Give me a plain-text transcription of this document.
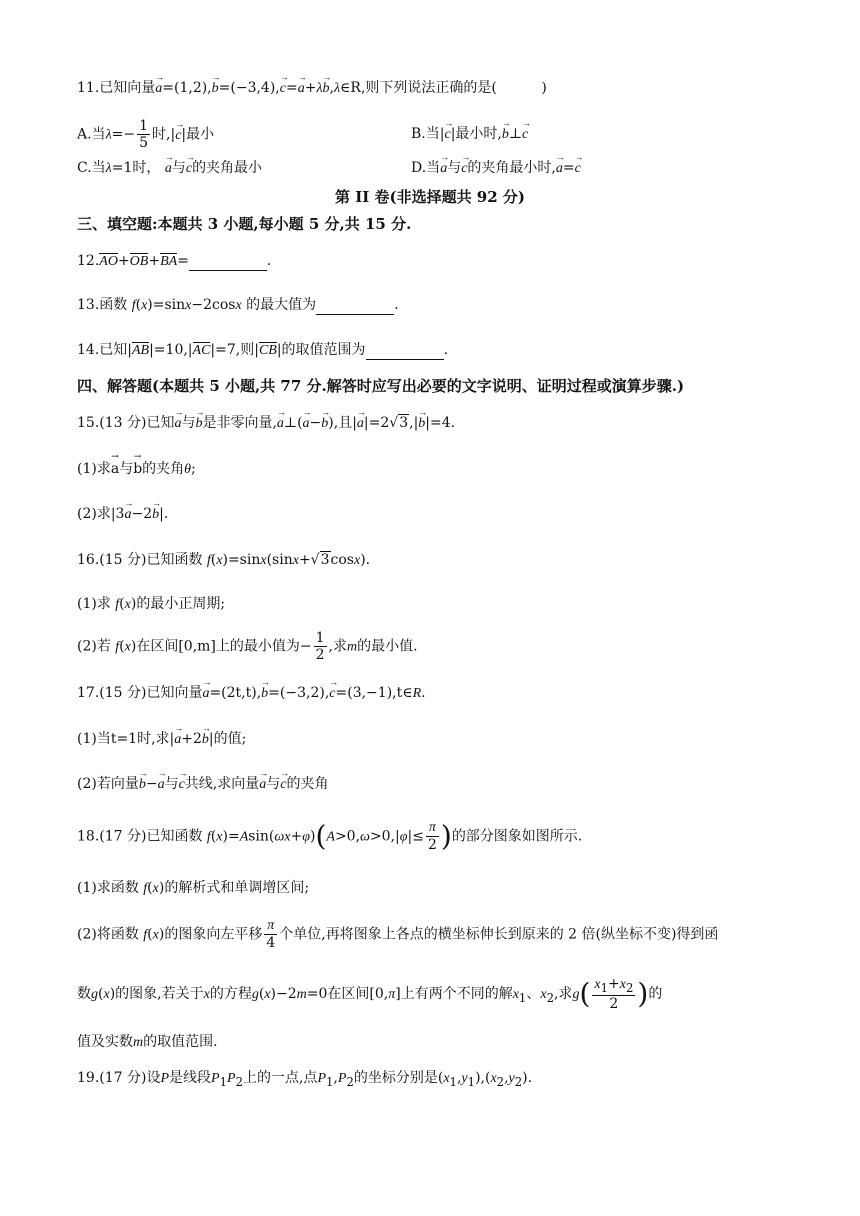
11.已知向量→ a=(1,2),→ b=(−3,4),→ c=→ a+λ→ b,λ∈R,则下列说法正确的是(          )
A.当$\lambda=- \frac{1}{5}$ 时,|→ c|最小	B.当|→ c|最小时,→ b⊥→ c
C.当λ=1时， → a与→ c的夹角最小	D.当→ a与→ c的夹角最小时,→ a=→ c
第 II 卷(非选择题共 92 分)
三、填空题:本题共 3 小题,每小题 5 分,共 15 分.
12.AO+OB+BA=	.
13.函数 f(x)=sinx−2cosx 的最大值为	.
14.已知|AB|=10,|AC|=7,则|CB|的取值范围为	.
四、解答题(本题共 5 小题,共 77 分.解答时应写出必要的文字说明、证明过程或演算步骤.)
15.(13 分)已知→ a与→ b是非零向量,→ a⊥(→ a−→ b),且|→ a|=2√3,|→ b|=4.
(1)求→ a与→ b的夹角θ;
(2)求|3→ a−2→ b|.
16.(15 分)已知函数 f(x)=sinx(sinx+√3cosx).
(1)求 f(x)的最小正周期;
(2)若 f(x)在区间[0,m]上的最小值为− $\frac{1}{2}$ ,求m的最小值.
17.(15 分)已知向量→ a=(2t,t),→ b=(−3,2),→ c=(3,−1),t∈R.
(1)当t=1时,求|→ a+2→ b|的值;
(2)若向量→ b−→ a与→ c共线,求向量→ a与→ c的夹角
18.(17 分)已知函数 $f(x)=Asin(\omega x+\varphi)(A>0,\omega>0,|\varphi|\le \frac{\pi}{2}$ )的部分图象如图所示.
(1)求函数 f(x)的解析式和单调增区间;
(2)将函数 f(x)的图象向左平移 $\frac{\pi}{4}$ 个单位,再将图象上各点的横坐标伸长到原来的 2 倍(纵坐标不变)得到函
数g(x)的图象,若关于x的方程g(x)−2m=0在区间[0,π]上有两个不同的解$x_1$、$x_2$,求$g( \frac{x_1+x_2}{2}$ )的
值及实数m的取值范围.
19.(17 分)设P是线段$P_1P_2$上的一点,点$P_1,P_2$的坐标分别是$(x_1,y_1),(x_2,y_2)$.
